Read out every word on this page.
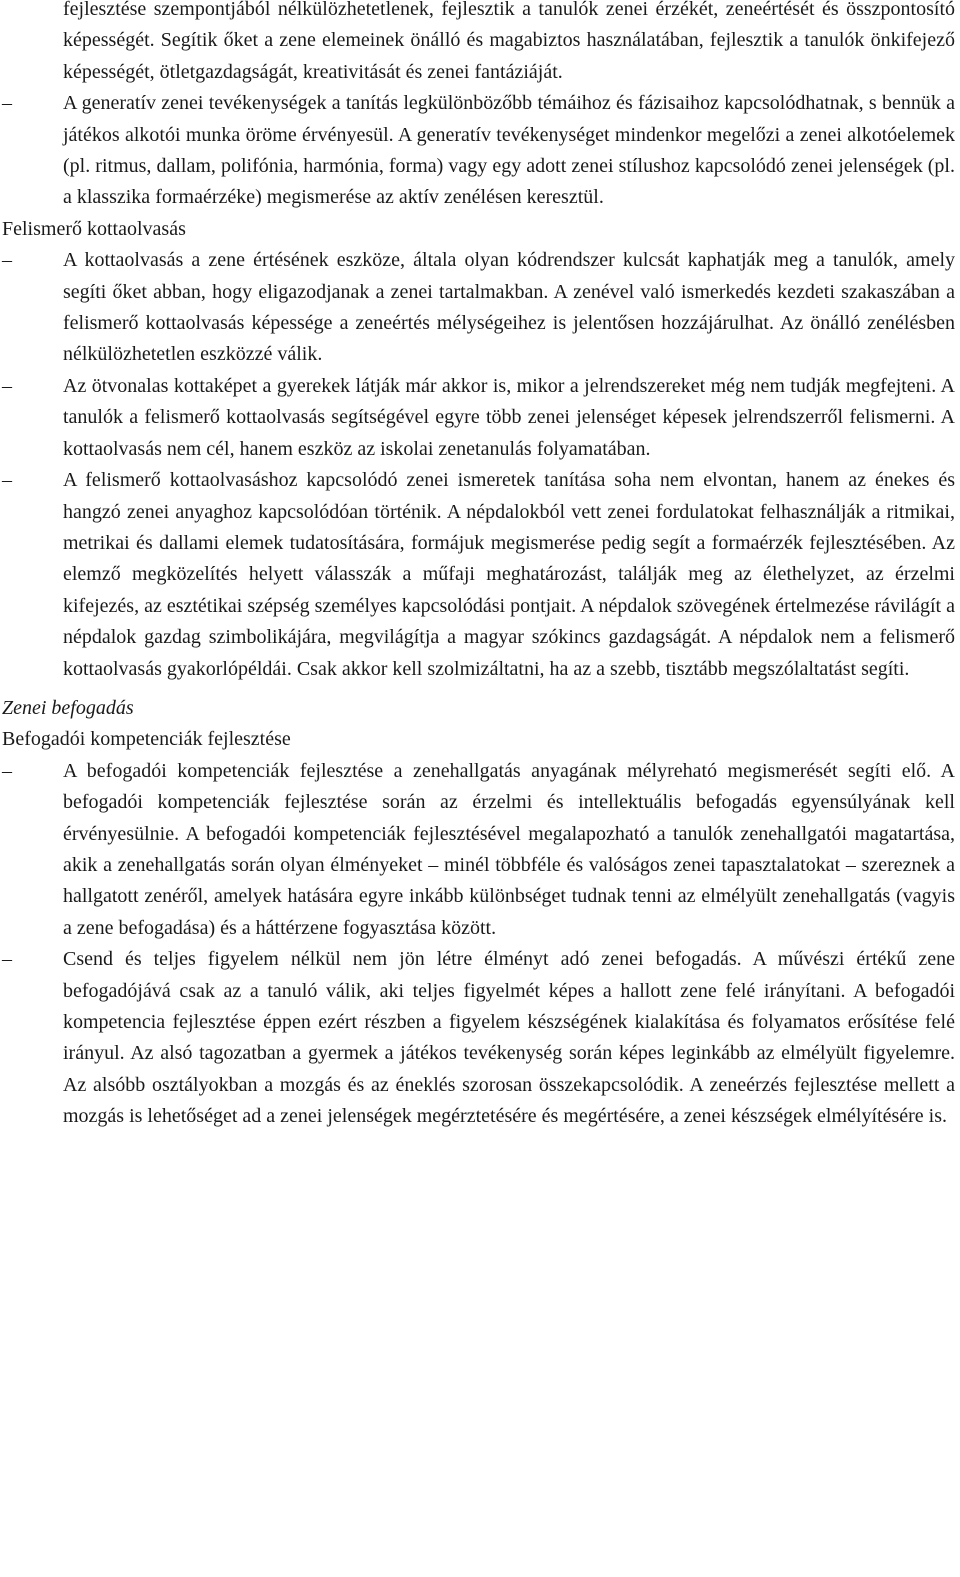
fejlesztése szempontjából nélkülözhetetlenek, fejlesztik a tanulók zenei érzékét, zeneértését és összpontosító képességét. Segítik őket a zene elemeinek önálló és magabiztos használatában, fejlesztik a tanulók önkifejező képességét, ötletgazdagságát, kreativitását és zenei fantáziáját.

–	A generatív zenei tevékenységek a tanítás legkülönbözőbb témáihoz és fázisaihoz kapcsolódhatnak, s bennük a játékos alkotói munka öröme érvényesül. A generatív tevékenységet mindenkor megelőzi a zenei alkotóelemek (pl. ritmus, dallam, polifónia, harmónia, forma) vagy egy adott zenei stílushoz kapcsolódó zenei jelenségek (pl. a klasszika formaérzéke) megismerése az aktív zenélésen keresztül.

Felismerő kottaolvasás

–	A kottaolvasás a zene értésének eszköze, általa olyan kódrendszer kulcsát kaphatják meg a tanulók, amely segíti őket abban, hogy eligazodjanak a zenei tartalmakban. A zenével való ismerkedés kezdeti szakaszában a felismerő kottaolvasás képessége a zeneértés mélységeihez is jelentősen hozzájárulhat. Az önálló zenélésben nélkülözhetetlen eszközzé válik.
–	Az ötvonalas kottaképet a gyerekek látják már akkor is, mikor a jelrendszereket még nem tudják megfejteni. A tanulók a felismerő kottaolvasás segítségével egyre több zenei jelenséget képesek jelrendszerről felismerni. A kottaolvasás nem cél, hanem eszköz az iskolai zenetanulás folyamatában.
–	A felismerő kottaolvasáshoz kapcsolódó zenei ismeretek tanítása soha nem elvontan, hanem az énekes és hangzó zenei anyaghoz kapcsolódóan történik. A népdalokból vett zenei fordulatokat felhasználják a ritmikai, metrikai és dallami elemek tudatosítására, formájuk megismerése pedig segít a formaérzék fejlesztésében. Az elemző megközelítés helyett válasszák a műfaji meghatározást, találják meg az élethelyzet, az érzelmi kifejezés, az esztétikai szépség személyes kapcsolódási pontjait. A népdalok szövegének értelmezése rávilágít a népdalok gazdag szimbolikájára, megvilágítja a magyar szókincs gazdagságát. A népdalok nem a felismerő kottaolvasás gyakorlópéldái. Csak akkor kell szolmizáltatni, ha az a szebb, tisztább megszólaltatást segíti.

Zenei befogadás

Befogadói kompetenciák fejlesztése

–	A befogadói kompetenciák fejlesztése a zenehallgatás anyagának mélyreható megismerését segíti elő. A befogadói kompetenciák fejlesztése során az érzelmi és intellektuális befogadás egyensúlyának kell érvényesülnie. A befogadói kompetenciák fejlesztésével megalapozható a tanulók zenehallgatói magatartása, akik a zenehallgatás során olyan élményeket – minél többféle és valóságos zenei tapasztalatokat – szereznek a hallgatott zenéről, amelyek hatására egyre inkább különbséget tudnak tenni az elmélyült zenehallgatás (vagyis a zene befogadása) és a háttérzene fogyasztása között.
–	Csend és teljes figyelem nélkül nem jön létre élményt adó zenei befogadás. A művészi értékű zene befogadójává csak az a tanuló válik, aki teljes figyelmét képes a hallott zene felé irányítani. A befogadói kompetencia fejlesztése éppen ezért részben a figyelem készségének kialakítása és folyamatos erősítése felé irányul. Az alsó tagozatban a gyermek a játékos tevékenység során képes leginkább az elmélyült figyelemre. Az alsóbb osztályokban a mozgás és az éneklés szorosan összekapcsolódik. A zeneérzés fejlesztése mellett a mozgás is lehetőséget ad a zenei jelenségek megérztetésére és megértésére, a zenei készségek elmélyítésére is.
